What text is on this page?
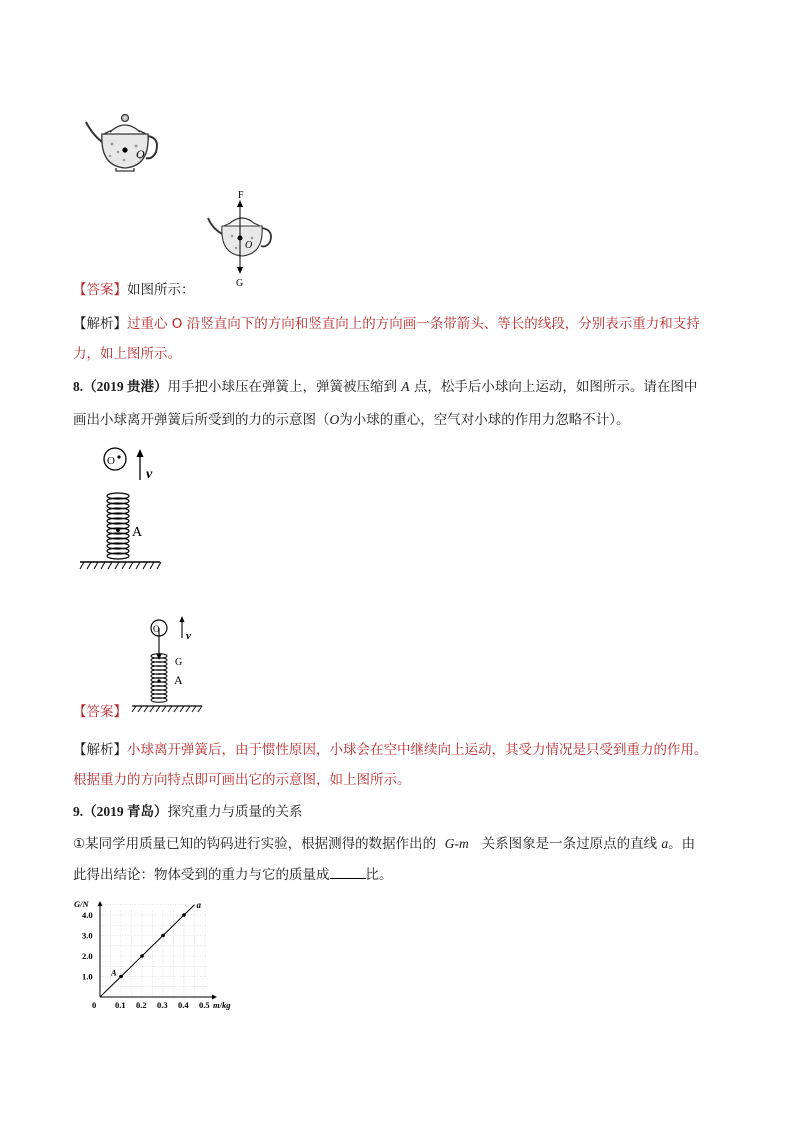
O
F
G
O
【答案】如图所示：
【解析】过重心 O 沿竖直向下的方向和竖直向上的方向画一条带箭头、等长的线段，分别表示重力和支持
力，如上图所示。
8.（2019 贵港）用手把小球压在弹簧上，弹簧被压缩到 A 点，松手后小球向上运动，如图所示。请在图中
画出小球离开弹簧后所受到的力的示意图（O为小球的重心，空气对小球的作用力忽略不计）。
O
v
A
O
v
G
A
【答案】
【解析】小球离开弹簧后，由于惯性原因，小球会在空中继续向上运动，其受力情况是只受到重力的作用。
根据重力的方向特点即可画出它的示意图，如上图所示。
9.（2019 青岛）探究重力与质量的关系
①某同学用质量已知的钩码进行实验，根据测得的数据作出的 G-m 关系图象是一条过原点的直线 a。由
此得出结论：物体受到的重力与它的质量成	比。
0.1 0.2 0.3 0.4 0.5
1.0
2.0
3.0
4.0
0	m/kg
G/N
A
a
